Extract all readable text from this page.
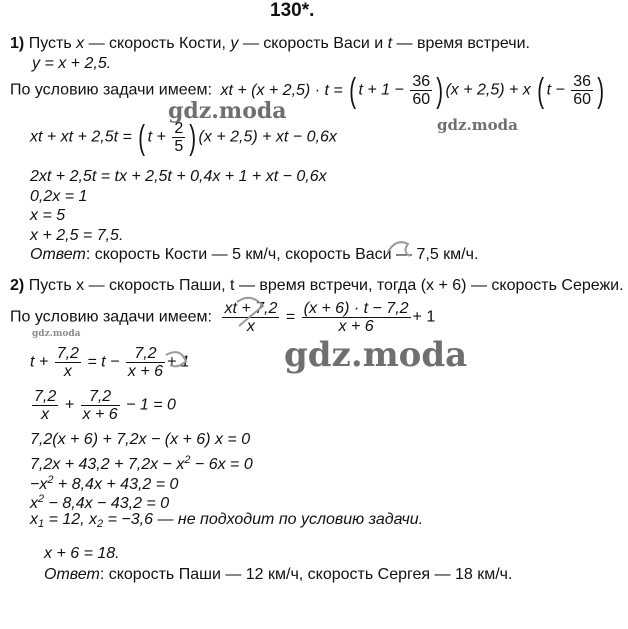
130*.
1) Пусть x — скорость Кости, y — скорость Васи и t — время встречи.
y = x + 2,5.
По условию задачи имеем: xt + (x + 2,5) · t = ( $t + 1 - \frac{36}{60}$ ) (x + 2,5) + x ( $t - \frac{36}{60}$ )
xt + xt + 2,5t = ( $t + \frac{2}{5}$ ) (x + 2,5) + xt − 0,6x
2xt + 2,5t = tx + 2,5t + 0,4x + 1 + xt − 0,6x
0,2x = 1
x = 5
x + 2,5 = 7,5.
Ответ: скорость Кости — 5 км/ч, скорость Васи — 7,5 км/ч.
2) Пусть x — скорость Паши, t — время встречи, тогда (x + 6) — скорость Сережи.
По условию задачи имеем: $\frac{xt + 7,2}{x} = \frac{(x + 6) \cdot t - 7,2}{x + 6} + 1$
$t + \frac{7,2}{x} = t - \frac{7,2}{x + 6} + 1$
$\frac{7,2}{x} + \frac{7,2}{x + 6} - 1 = 0$
7,2(x + 6) + 7,2x − (x + 6) x = 0
$7,2x + 43,2 + 7,2x - x^2 - 6x = 0$
$-x^2 + 8,4x + 43,2 = 0$
$x^2 - 8,4x - 43,2 = 0$
$x_1 = 12$, $x_2 = -3,6$ — не подходит по условию задачи.
x + 6 = 18.
Ответ: скорость Паши — 12 км/ч, скорость Сергея — 18 км/ч.
gdz.moda
gdz.moda
gdz.moda
gdz.moda
